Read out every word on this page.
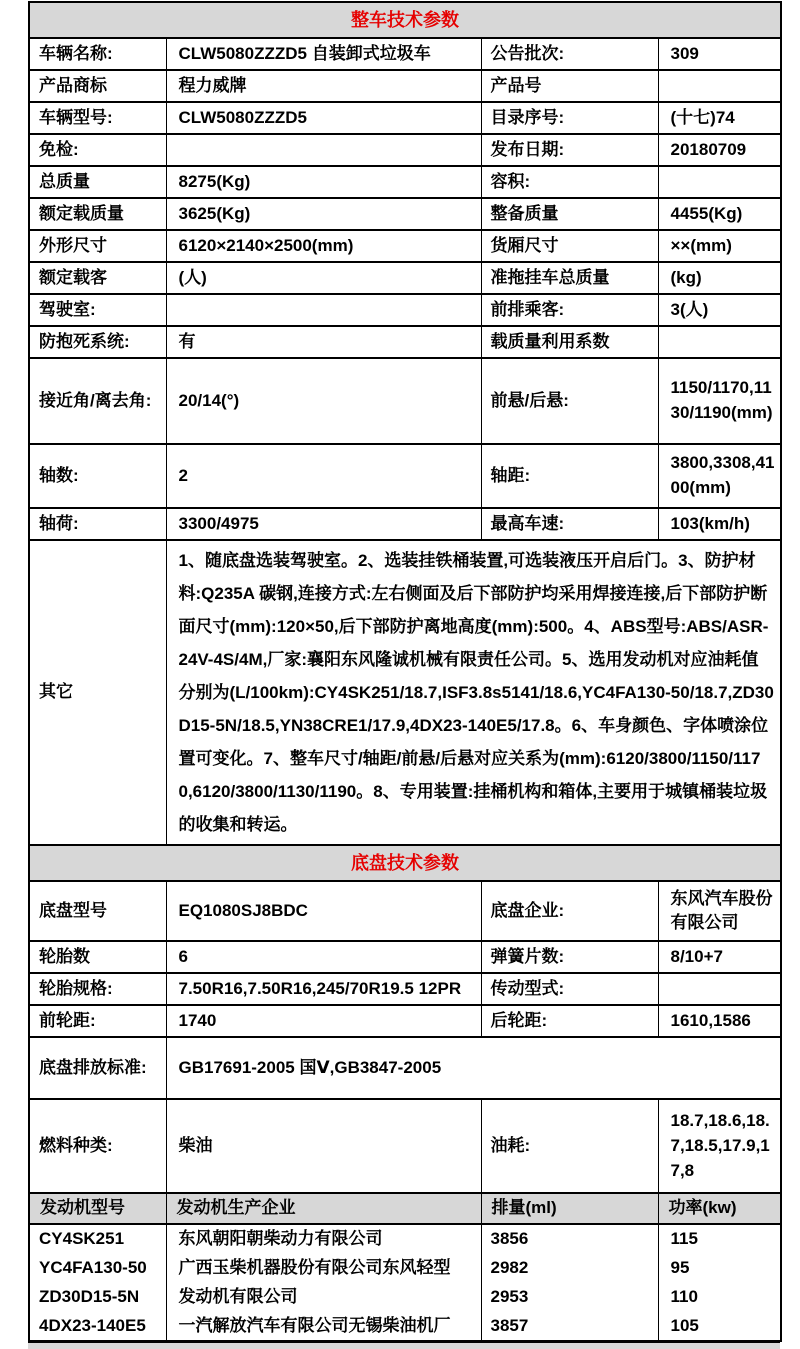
整车技术参数			
车辆名称:	CLW5080ZZZD5 自装卸式垃圾车	公告批次:	309
产品商标	程力威牌	产品号	
车辆型号:	CLW5080ZZZD5	目录序号:	(十七)74
免检:		发布日期:	20180709
总质量	8275(Kg)	容积:	
额定载质量	3625(Kg)	整备质量	4455(Kg)
外形尺寸	6120×2140×2500(mm)	货厢尺寸	××(mm)
额定载客	(人)	准拖挂车总质量	(kg)
驾驶室:		前排乘客:	3(人)
防抱死系统:	有	载质量利用系数	
接近角/离去角:	20/14(°)	前悬/后悬:	1150/1170,1130/1190(mm)
轴数:	2	轴距:	3800,3308,4100(mm)
轴荷:	3300/4975	最高车速:	103(km/h)
其它	1、随底盘选装驾驶室。2、选装挂铁桶装置,可选装液压开启后门。3、防护材料:Q235A 碳钢,连接方式:左右侧面及后下部防护均采用焊接连接,后下部防护断面尺寸(mm):120×50,后下部防护离地高度(mm):500。4、ABS型号:ABS/ASR-24V-4S/4M,厂家:襄阳东风隆诚机械有限责任公司。5、选用发动机对应油耗值分别为(L/100km):CY4SK251/18.7,ISF3.8s5141/18.6,YC4FA130-50/18.7,ZD30D15-5N/18.5,YN38CRE1/17.9,4DX23-140E5/17.8。6、车身颜色、字体喷涂位置可变化。7、整车尺寸/轴距/前悬/后悬对应关系为(mm):6120/3800/1150/1170,6120/3800/1130/1190。8、专用装置:挂桶机构和箱体,主要用于城镇桶装垃圾的收集和转运。		
底盘技术参数			
底盘型号	EQ1080SJ8BDC	底盘企业:	东风汽车股份有限公司
轮胎数	6	弹簧片数:	8/10+7
轮胎规格:	7.50R16,7.50R16,245/70R19.5 12PR	传动型式:	
前轮距:	1740	后轮距:	1610,1586
底盘排放标准:	GB17691-2005 国Ⅴ,GB3847-2005		
燃料种类:	柴油	油耗:	18.7,18.6,18.7,18.5,17.9,17,8
发动机型号	发动机生产企业	排量(ml)	功率(kw)
CY4SK251	东风朝阳朝柴动力有限公司	3856	115
YC4FA130-50	广西玉柴机器股份有限公司东风轻型	2982	95
ZD30D15-5N	发动机有限公司	2953	110
4DX23-140E5	一汽解放汽车有限公司无锡柴油机厂	3857	105
